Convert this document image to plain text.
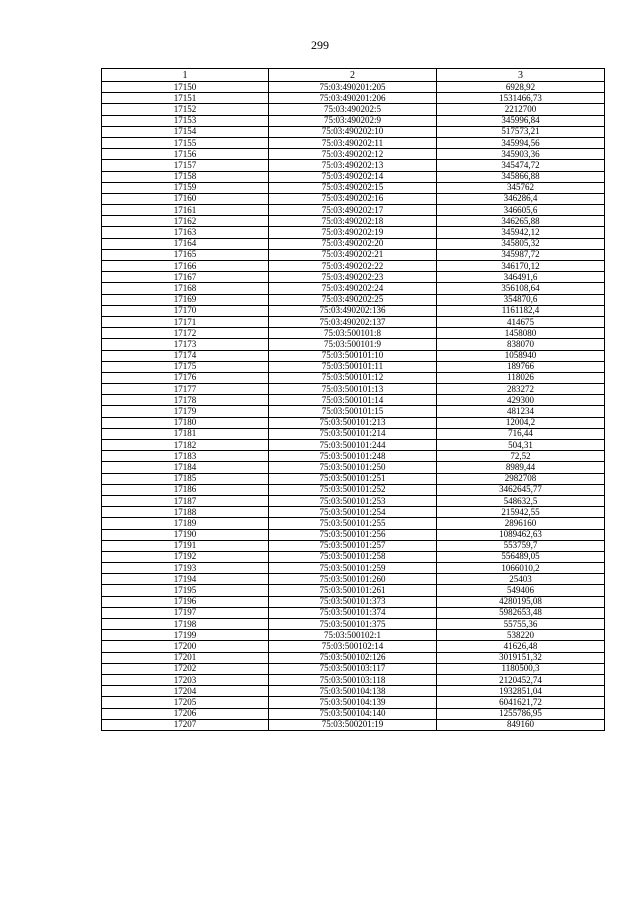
299
1	2	3
17150	75:03:490201:205	6928,92
17151	75:03:490201:206	1531466,73
17152	75:03:490202:5	2212700
17153	75:03:490202:9	345996,84
17154	75:03:490202:10	517573,21
17155	75:03:490202:11	345994,56
17156	75:03:490202:12	345903,36
17157	75:03:490202:13	345474,72
17158	75:03:490202:14	345866,88
17159	75:03:490202:15	345762
17160	75:03:490202:16	346286,4
17161	75:03:490202:17	346605,6
17162	75:03:490202:18	346265,88
17163	75:03:490202:19	345942,12
17164	75:03:490202:20	345805,32
17165	75:03:490202:21	345987,72
17166	75:03:490202:22	346170,12
17167	75:03:490202:23	346491,6
17168	75:03:490202:24	356108,64
17169	75:03:490202:25	354870,6
17170	75:03:490202:136	1161182,4
17171	75:03:490202:137	414675
17172	75:03:500101:8	1458080
17173	75:03:500101:9	838070
17174	75:03:500101:10	1058940
17175	75:03:500101:11	189766
17176	75:03:500101:12	118026
17177	75:03:500101:13	283272
17178	75:03:500101:14	429300
17179	75:03:500101:15	481234
17180	75:03:500101:213	12004,2
17181	75:03:500101:214	716,44
17182	75:03:500101:244	504,31
17183	75:03:500101:248	72,52
17184	75:03:500101:250	8989,44
17185	75:03:500101:251	2982708
17186	75:03:500101:252	3462645,77
17187	75:03:500101:253	548632,5
17188	75:03:500101:254	215942,55
17189	75:03:500101:255	2896160
17190	75:03:500101:256	1089462,63
17191	75:03:500101:257	553759,7
17192	75:03:500101:258	556489,05
17193	75:03:500101:259	1066010,2
17194	75:03:500101:260	25403
17195	75:03:500101:261	549406
17196	75:03:500101:373	4280195,08
17197	75:03:500101:374	5982653,48
17198	75:03:500101:375	55755,36
17199	75:03:500102:1	538220
17200	75:03:500102:14	41626,48
17201	75:03:500102:126	3019151,32
17202	75:03:500103:117	1180500,3
17203	75:03:500103:118	2120452,74
17204	75:03:500104:138	1932851,04
17205	75:03:500104:139	6041621,72
17206	75:03:500104:140	1255786,95
17207	75:03:500201:19	849160
